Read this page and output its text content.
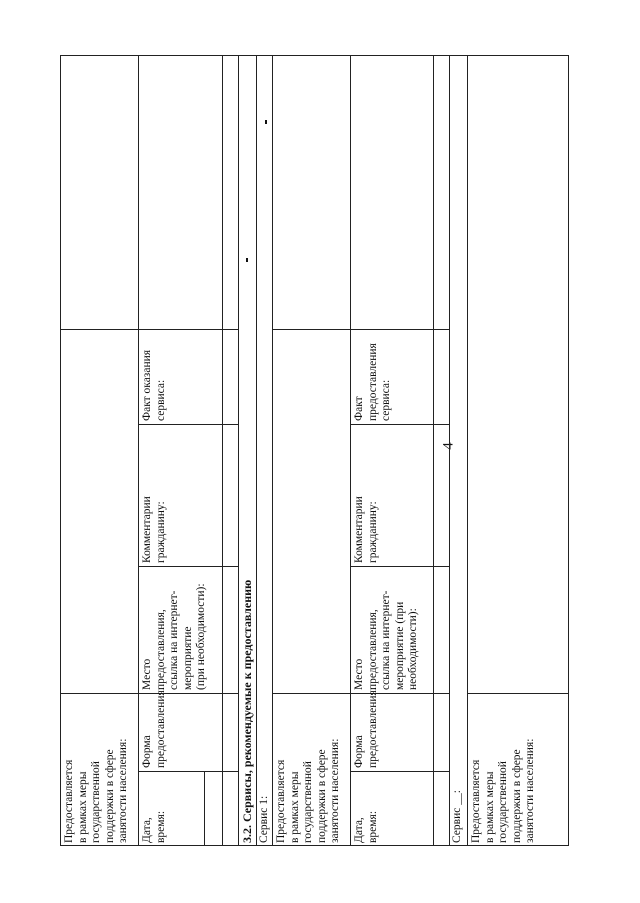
4
Предоставляется
в рамках меры
государственной
поддержки в сфере
занятости населения:
Дата,
время:
Форма
предоставления:
Место
предоставления,
ссылка на интернет-
мероприятие
(при необходимости):
Комментарии
гражданину:
Факт оказания
сервиса:
3.2. Сервисы, рекомендуемые к предоставлению Сервис 1: Предоставляется
в рамках меры
государственной
поддержки в сфере
занятости населения:
Дата,
время:
Форма
предоставления:
Место
предоставления,
ссылка на интернет-
мероприятие (при
необходимости):
Комментарии
гражданину:
Факт
предоставления
сервиса:
Сервис __: Предоставляется
в рамках меры
государственной
поддержки в сфере
занятости населения:
